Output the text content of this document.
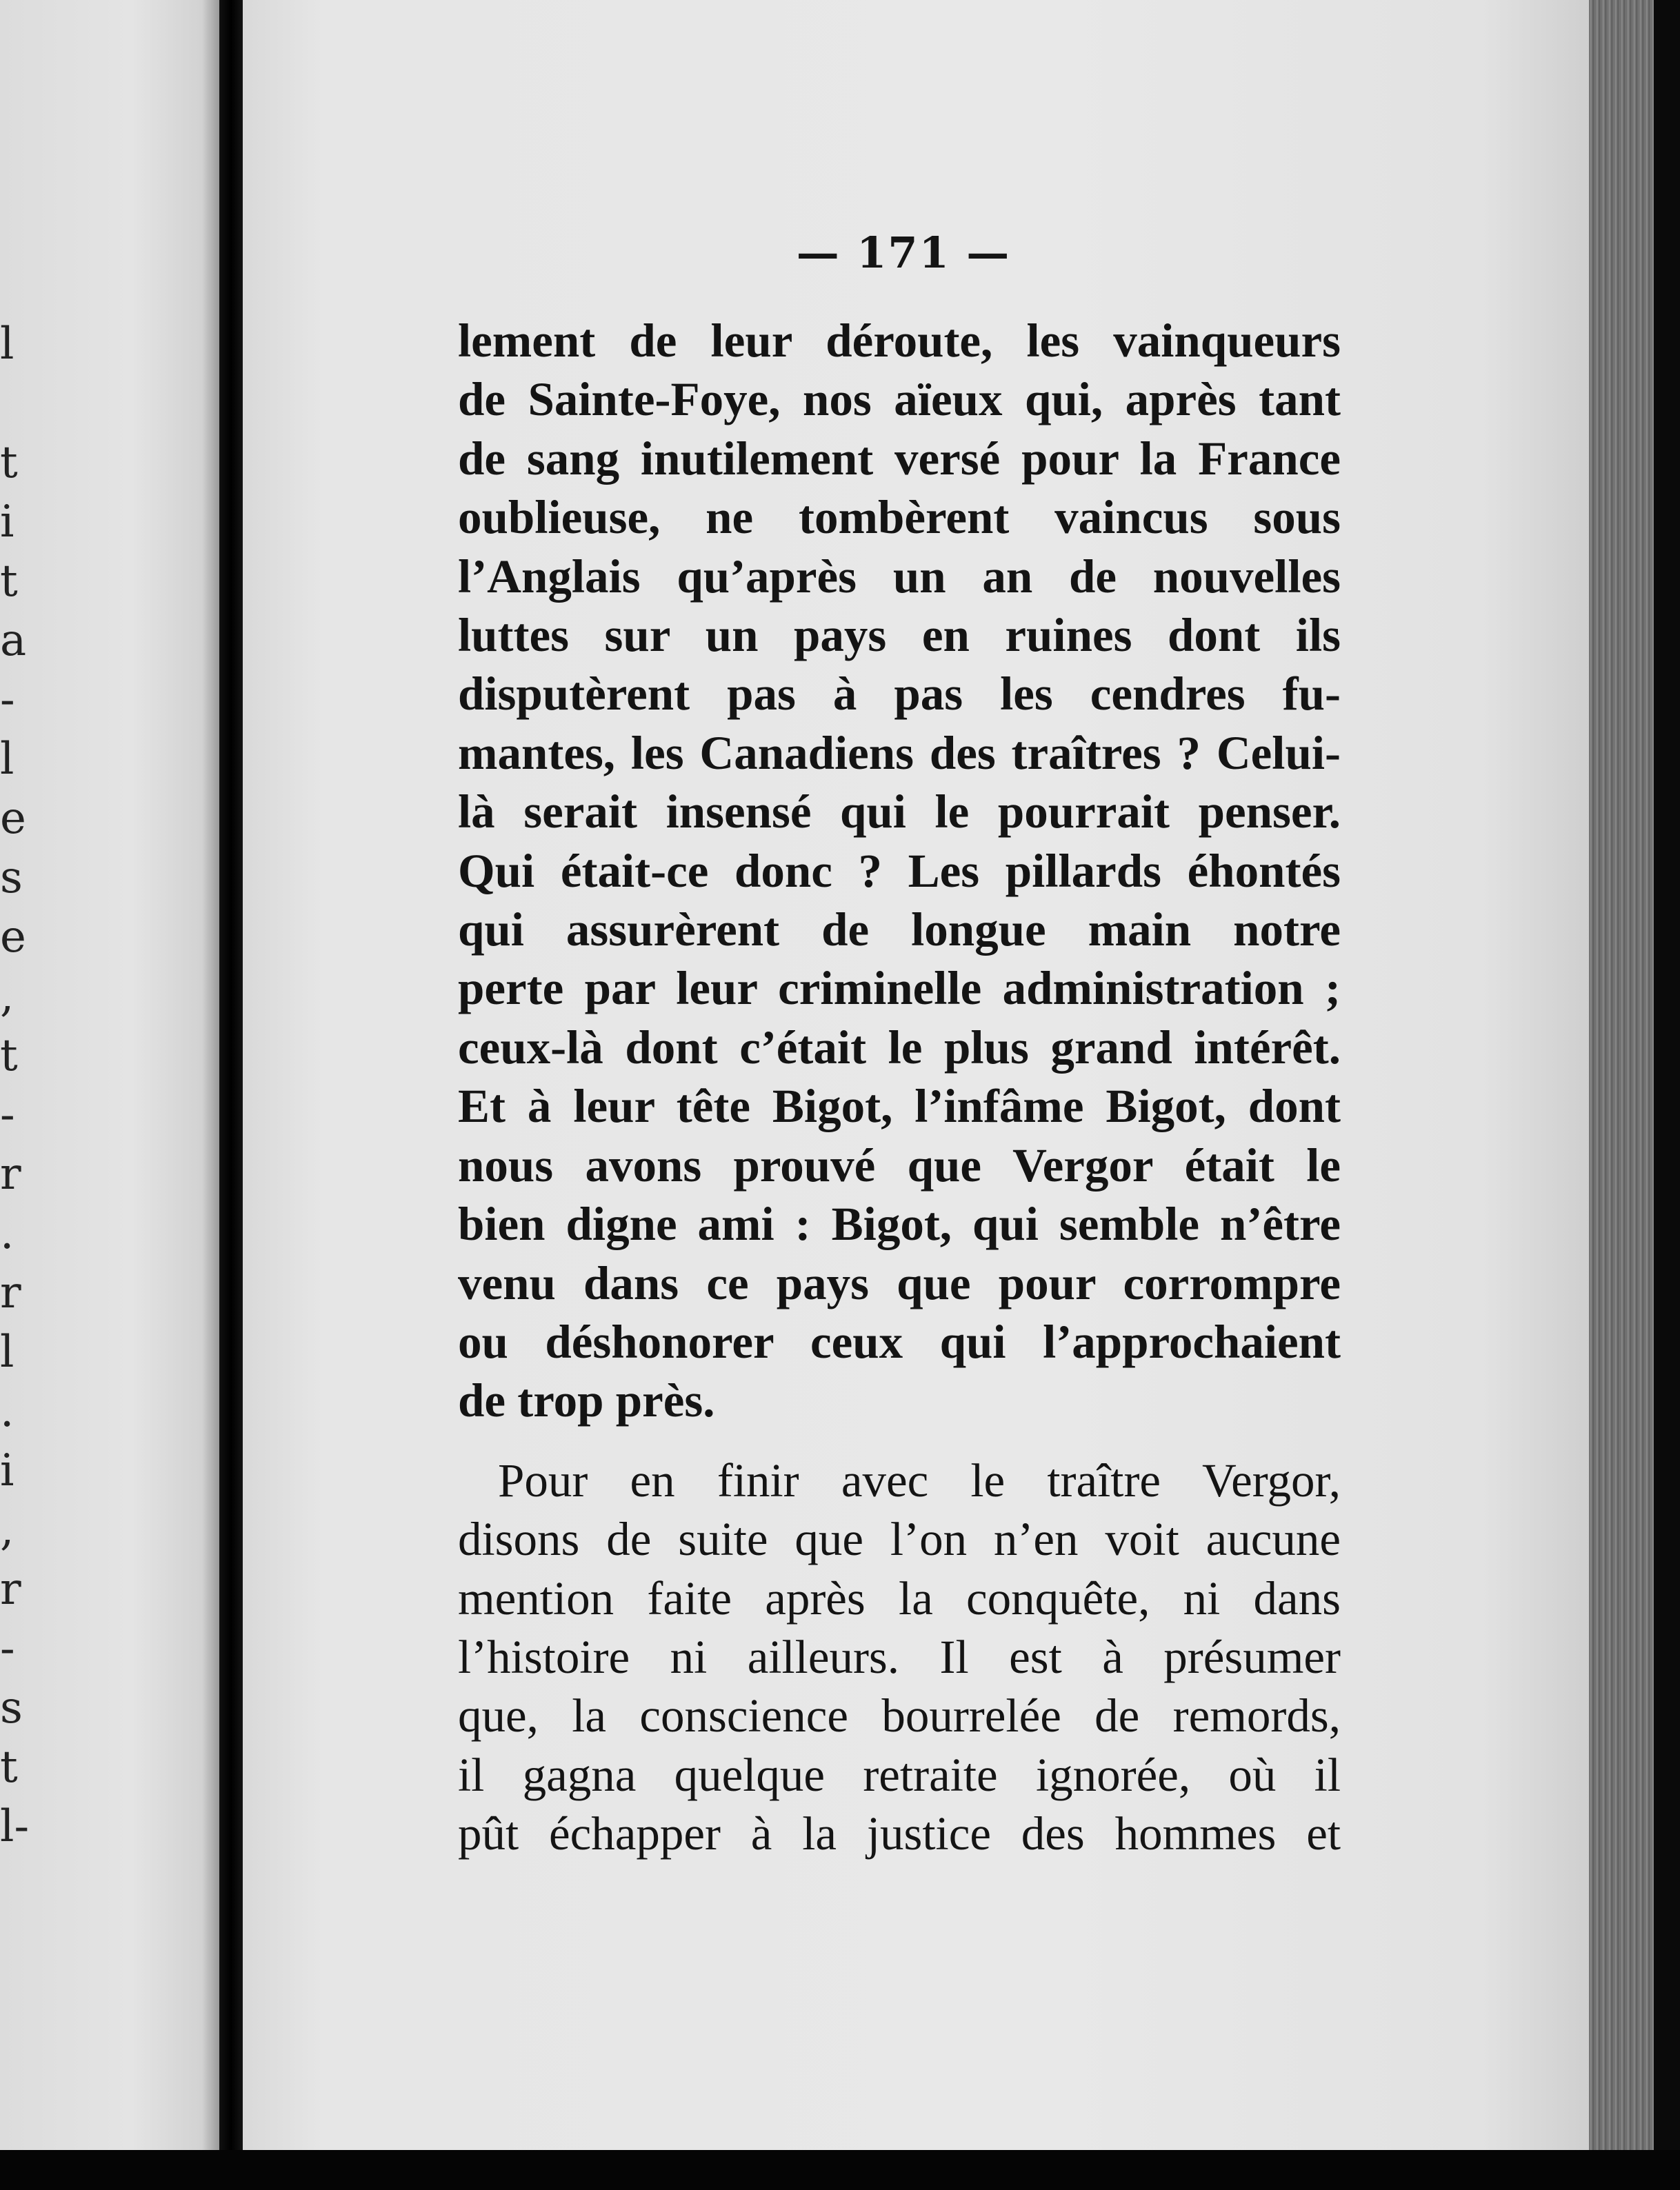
l
t
i
t
a
-
l
e
s
e
,
t
-
r
.
r
l
.
i
,
r
-
s
t
l-
— 171 —

lement de leur déroute, les vainqueurs
de Sainte-Foye, nos aïeux qui, après tant
de sang inutilement versé pour la France
oublieuse, ne tombèrent vaincus sous
l’Anglais qu’après un an de nouvelles
luttes sur un pays en ruines dont ils
disputèrent pas à pas les cendres fu-
mantes, les Canadiens des traîtres ? Celui-
là serait insensé qui le pourrait penser.
Qui était-ce donc ? Les pillards éhontés
qui assurèrent de longue main notre
perte par leur criminelle administration ;
ceux-là dont c’était le plus grand intérêt.
Et à leur tête Bigot, l’infâme Bigot, dont
nous avons prouvé que Vergor était le
bien digne ami : Bigot, qui semble n’être
venu dans ce pays que pour corrompre
ou déshonorer ceux qui l’approchaient
de trop près.

Pour en finir avec le traître Vergor,
disons de suite que l’on n’en voit aucune
mention faite après la conquête, ni dans
l’histoire ni ailleurs. Il est à présumer
que, la conscience bourrelée de remords,
il gagna quelque retraite ignorée, où il
pût échapper à la justice des hommes et
